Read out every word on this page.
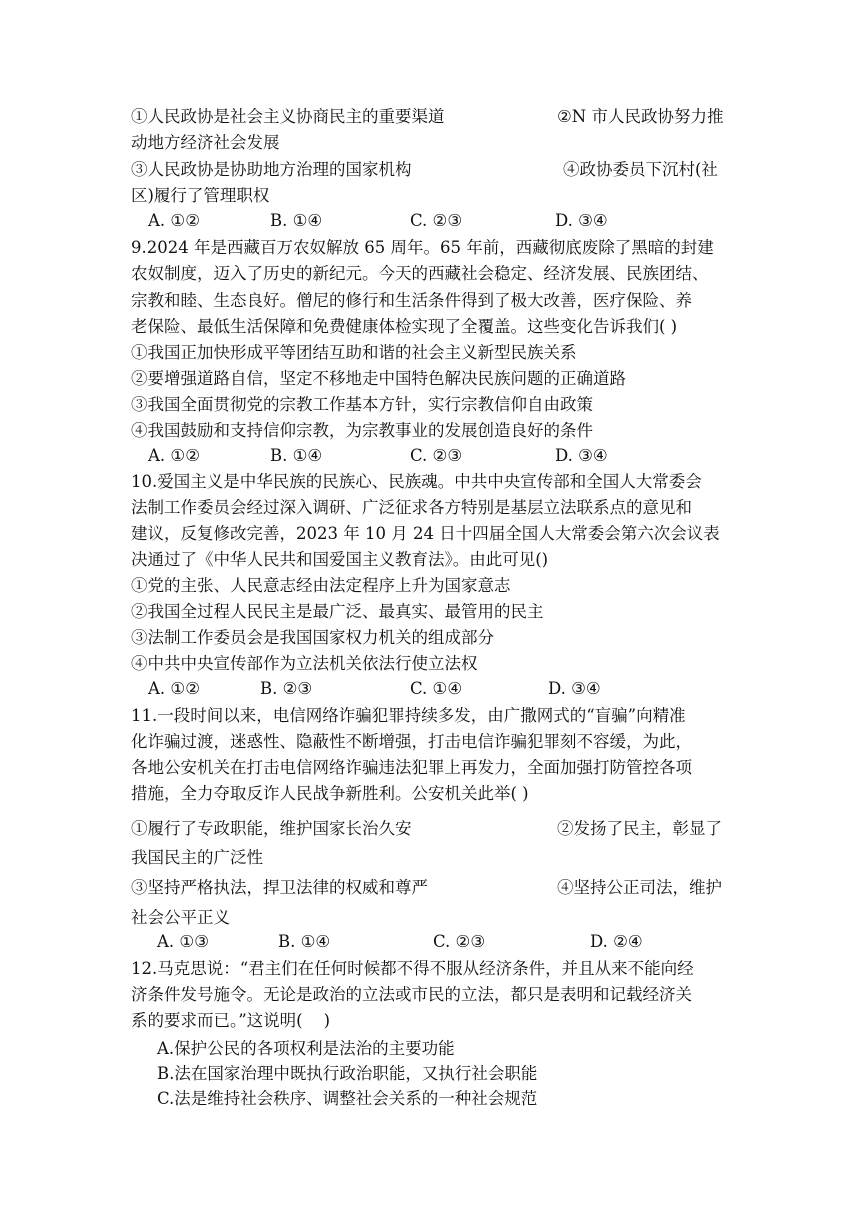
①人民政协是社会主义协商民主的重要渠道	②N 市人民政协努力推
动地方经济社会发展
③人民政协是协助地方治理的国家机构	④政协委员下沉村(社
区)履行了管理职权
A. ①②	B. ①④	C. ②③	D. ③④
9.2024 年是西藏百万农奴解放 65 周年。65 年前，西藏彻底废除了黑暗的封建
农奴制度，迈入了历史的新纪元。今天的西藏社会稳定、经济发展、民族团结、
宗教和睦、生态良好。僧尼的修行和生活条件得到了极大改善，医疗保险、养
老保险、最低生活保障和免费健康体检实现了全覆盖。这些变化告诉我们( )
①我国正加快形成平等团结互助和谐的社会主义新型民族关系
②要增强道路自信，坚定不移地走中国特色解决民族问题的正确道路
③我国全面贯彻党的宗教工作基本方针，实行宗教信仰自由政策
④我国鼓励和支持信仰宗教，为宗教事业的发展创造良好的条件
A. ①②	B. ①④	C. ②③	D. ③④
10.爱国主义是中华民族的民族心、民族魂。中共中央宣传部和全国人大常委会
法制工作委员会经过深入调研、广泛征求各方特别是基层立法联系点的意见和
建议，反复修改完善，2023 年 10 月 24 日十四届全国人大常委会第六次会议表
决通过了《中华人民共和国爱国主义教育法》。由此可见()
①党的主张、人民意志经由法定程序上升为国家意志
②我国全过程人民民主是最广泛、最真实、最管用的民主
③法制工作委员会是我国国家权力机关的组成部分
④中共中央宣传部作为立法机关依法行使立法权
A. ①②	B. ②③	C. ①④	D. ③④
11.一段时间以来，电信网络诈骗犯罪持续多发，由广撒网式的“盲骗”向精准
化诈骗过渡，迷惑性、隐蔽性不断增强，打击电信诈骗犯罪刻不容缓，为此，
各地公安机关在打击电信网络诈骗违法犯罪上再发力，全面加强打防管控各项
措施，全力夺取反诈人民战争新胜利。公安机关此举( )
①履行了专政职能，维护国家长治久安	②发扬了民主，彰显了
我国民主的广泛性
③坚持严格执法，捍卫法律的权威和尊严	④坚持公正司法，维护
社会公平正义
A. ①③	B. ①④	C. ②③	D. ②④
12.马克思说：“君主们在任何时候都不得不服从经济条件，并且从来不能向经
济条件发号施令。无论是政治的立法或市民的立法，都只是表明和记载经济关
系的要求而已。”这说明(    )
A.保护公民的各项权利是法治的主要功能
B.法在国家治理中既执行政治职能，又执行社会职能
C.法是维持社会秩序、调整社会关系的一种社会规范
